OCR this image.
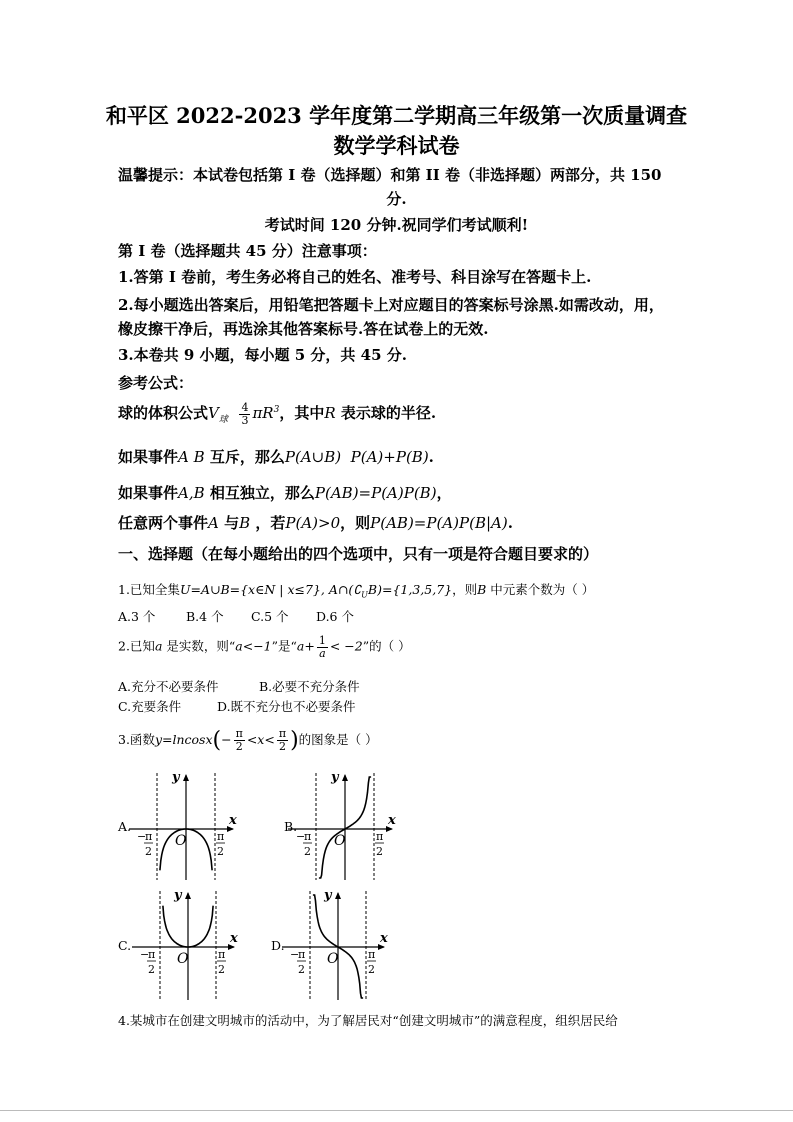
和平区 2022-2023 学年度第二学期高三年级第一次质量调查
数学学科试卷
温馨提示：本试卷包括第 I 卷（选择题）和第 II 卷（非选择题）两部分，共 150
分.
考试时间 120 分钟.祝同学们考试顺利!
第 I 卷（选择题共 45 分）注意事项：
1.答第 I 卷前，考生务必将自己的姓名、准考号、科目涂写在答题卡上.
2.每小题选出答案后，用铅笔把答题卡上对应题目的答案标号涂黑.如需改动，用，
橡皮擦干净后，再选涂其他答案标号.答在试卷上的无效.
3.本卷共 9 小题，每小题 5 分，共 45 分.
参考公式：
球的体积公式$V_球 \frac{4}{3} \pi R^3$，其中R 表示球的半径.
如果事件A B 互斥，那么P(A∪B)  P(A)+P(B).
如果事件A,B 相互独立，那么P(AB)=P(A)P(B)，
任意两个事件A 与B ，若P(A)>0，则P(AB)=P(A)P(B|A).
一、选择题（在每小题给出的四个选项中，只有一项是符合题目要求的）
1.已知全集U=A∪B={x∈N | x≤7}, $A\cap(∁_UB)=\{1,3,5,7\}$，则B 中元素个数为（ ）
A.3 个 B.4 个 C.5 个 D.6 个
2.已知a 是实数，则“a<−1”是“$a+ \frac{1}{a} < -2$”的（ ）
A.充分不必要条件	B.必要不充分条件
C.充要条件	D.既不充分也不必要条件
3.函数$y=lncosx(- \frac{\pi}{2} <x< \frac{\pi}{2}$ )的图象是（ ）
A.	B.
C.	D.
y
x
O
−
π
2
π
2
y
x
O
−
π
2
π
2
y
x
O
−
π
2
π
2
y
x
O
−
π
2
π
2
4.某城市在创建文明城市的活动中，为了解居民对“创建文明城市”的满意程度，组织居民给
